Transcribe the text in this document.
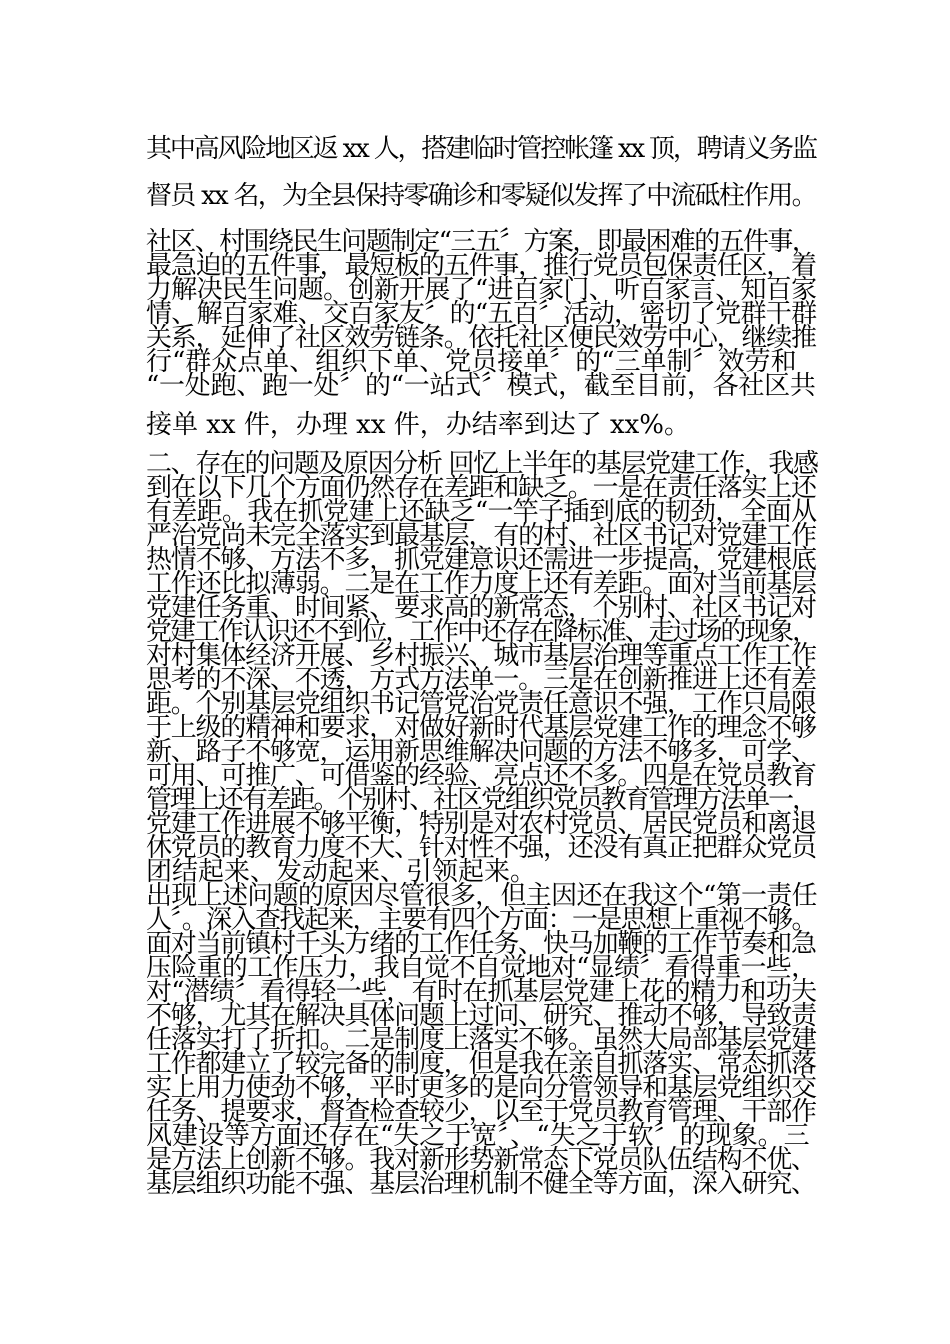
其中高风险地区返 xx 人，搭建临时管控帐篷 xx 顶，聘请义务监
督员 xx 名，为全县保持零确诊和零疑似发挥了中流砥柱作用。
社区、村围绕民生问题制定“三五〞方案，即最困难的五件事，
最急迫的五件事，最短板的五件事，推行党员包保责任区，着
力解决民生问题。创新开展了“进百家门、听百家言、知百家
情、解百家难、交百家友〞的“五百〞活动，密切了党群干群
关系，延伸了社区效劳链条。依托社区便民效劳中心，继续推
行“群众点单、组织下单、党员接单〞的“三单制〞效劳和
“一处跑、跑一处〞的“一站式〞模式，截至目前，各社区共
接单 xx 件，办理 xx 件，办结率到达了 xx%。
二、存在的问题及原因分析 回忆上半年的基层党建工作，我感
到在以下几个方面仍然存在差距和缺乏。一是在责任落实上还
有差距。我在抓党建上还缺乏“一竿子插到底的韧劲，全面从
严治党尚未完全落实到最基层，有的村、社区书记对党建工作
热情不够、方法不多，抓党建意识还需进一步提高，党建根底
工作还比拟薄弱。二是在工作力度上还有差距。面对当前基层
党建任务重、时间紧、要求高的新常态，个别村、社区书记对
党建工作认识还不到位，工作中还存在降标准、走过场的现象，
对村集体经济开展、乡村振兴、城市基层治理等重点工作工作
思考的不深、不透，方式方法单一。三是在创新推进上还有差
距。个别基层党组织书记管党治党责任意识不强，工作只局限
于上级的精神和要求，对做好新时代基层党建工作的理念不够
新、路子不够宽，运用新思维解决问题的方法不够多，可学、
可用、可推广、可借鉴的经验、亮点还不多。四是在党员教育
管理上还有差距。个别村、社区党组织党员教育管理方法单一，
党建工作进展不够平衡，特别是对农村党员、居民党员和离退
休党员的教育力度不大、针对性不强，还没有真正把群众党员
团结起来、发动起来、引领起来。
出现上述问题的原因尽管很多，但主因还在我这个“第一责任
人〞。深入查找起来，主要有四个方面：一是思想上重视不够。
面对当前镇村千头万绪的工作任务、快马加鞭的工作节奏和急
压险重的工作压力，我自觉不自觉地对“显绩〞看得重一些，
对“潜绩〞看得轻一些，有时在抓基层党建上花的精力和功夫
不够，尤其在解决具体问题上过问、研究、推动不够，导致责
任落实打了折扣。二是制度上落实不够。虽然大局部基层党建
工作都建立了较完备的制度，但是我在亲自抓落实、常态抓落
实上用力使劲不够，平时更多的是向分管领导和基层党组织交
任务、提要求，督查检查较少，以至于党员教育管理、干部作
风建设等方面还存在“失之于宽〞、“失之于软〞的现象。三
是方法上创新不够。我对新形势新常态下党员队伍结构不优、
基层组织功能不强、基层治理机制不健全等方面，深入研究、
